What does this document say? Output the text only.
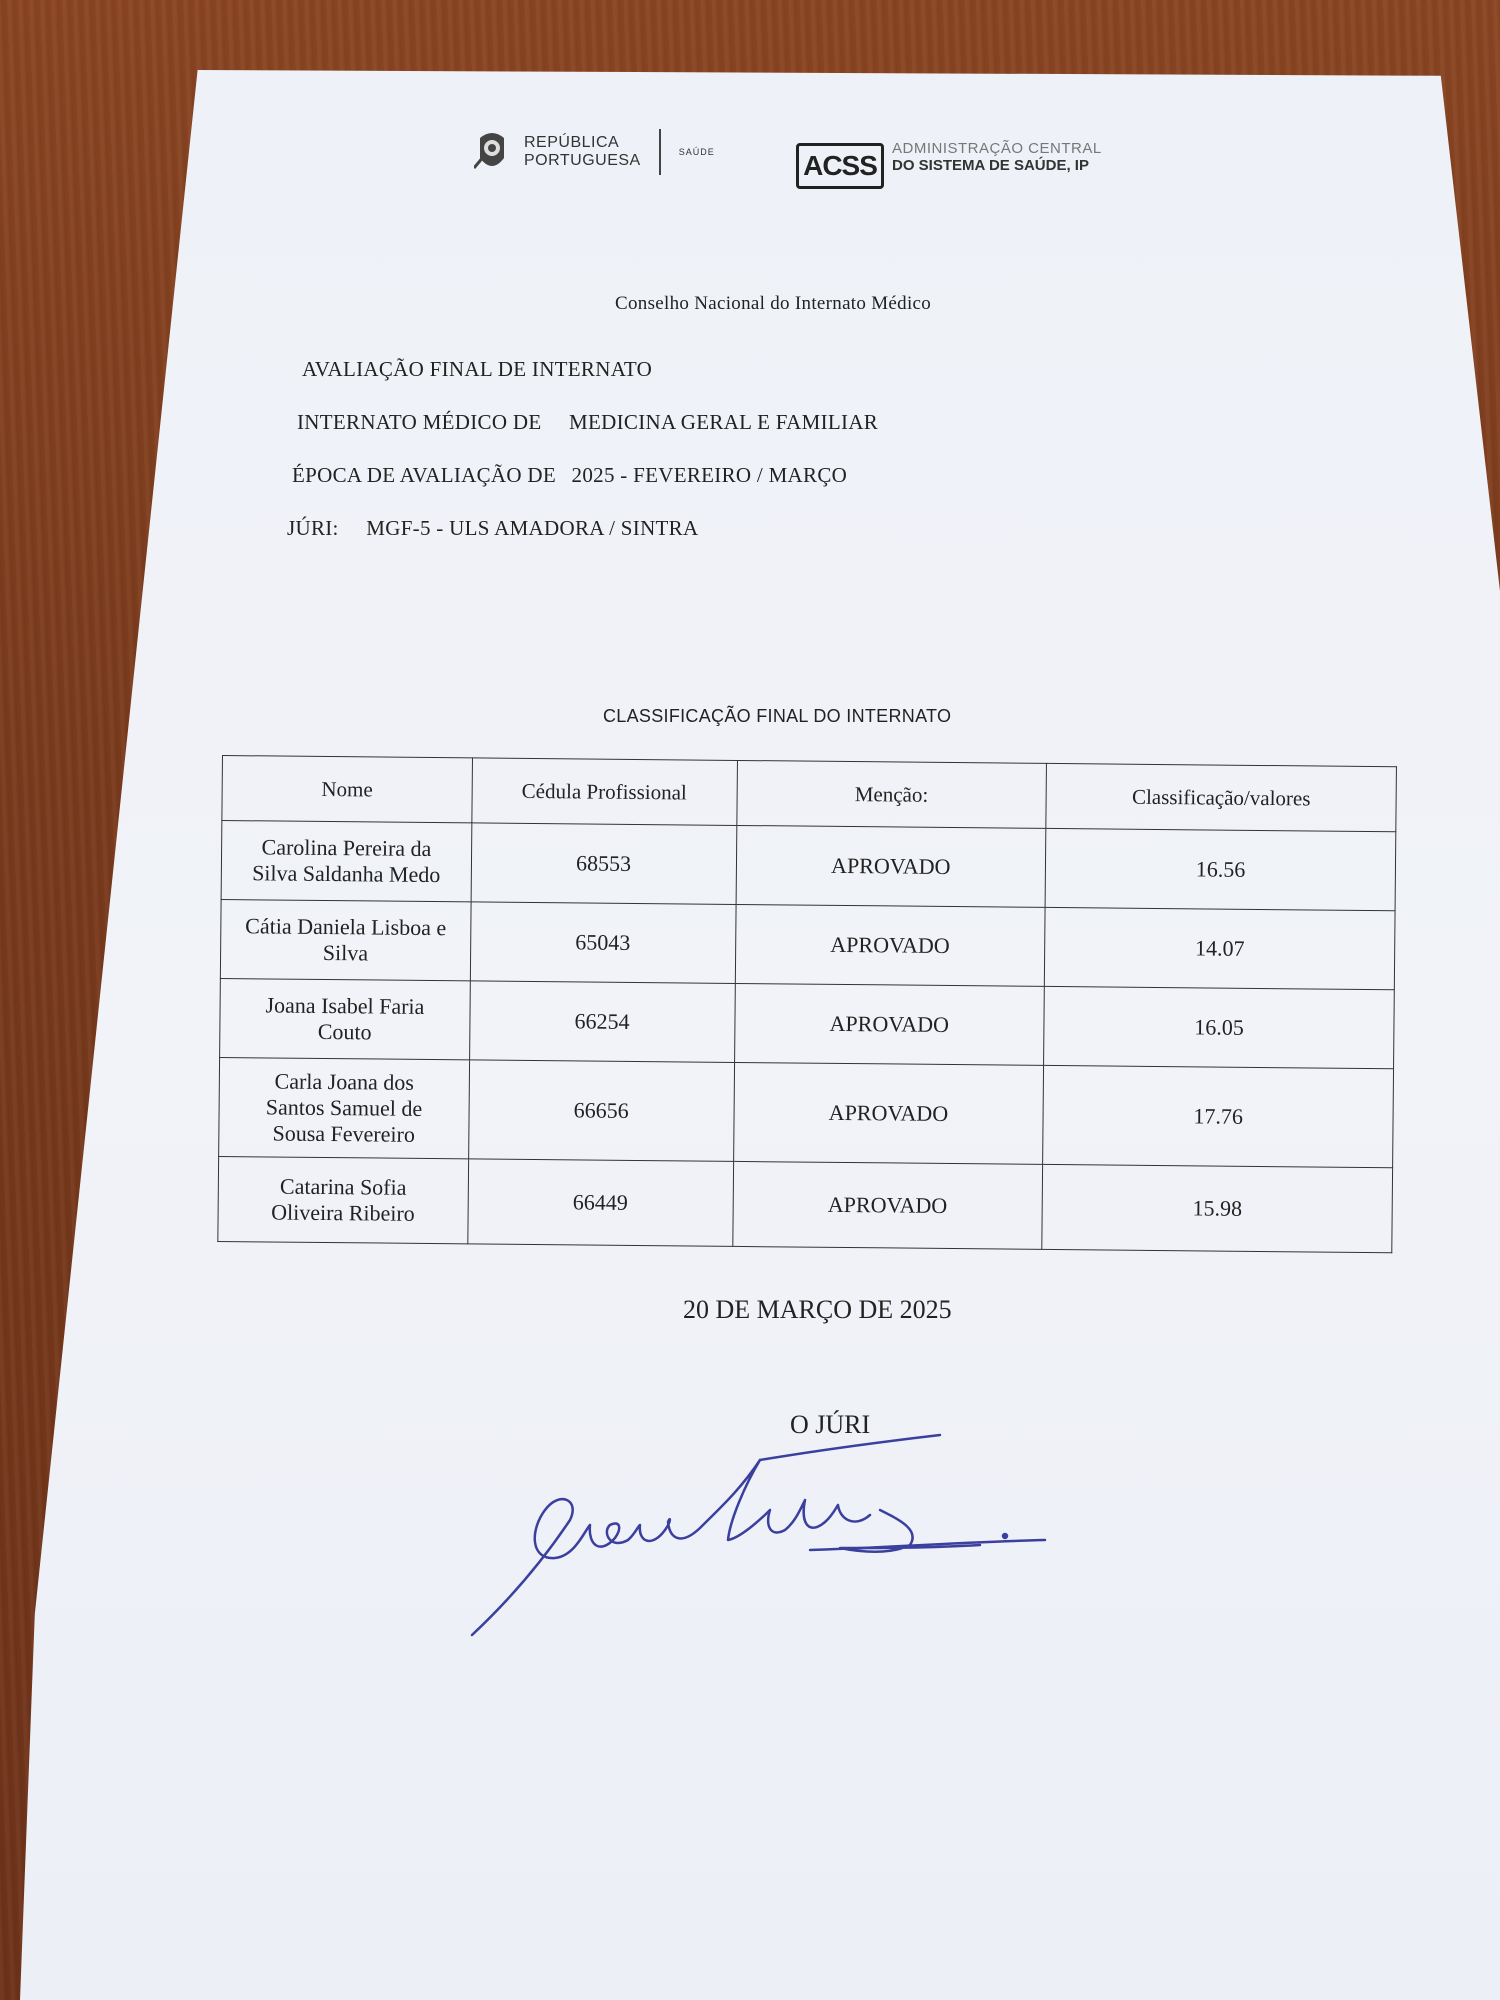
REPÚBLICA
PORTUGUESA	SAÚDE	ACSS
ADMINISTRAÇÃO CENTRAL
DO SISTEMA DE SAÚDE, IP
Conselho Nacional do Internato Médico
AVALIAÇÃO FINAL DE INTERNATO
INTERNATO MÉDICO DE MEDICINA GERAL E FAMILIAR
ÉPOCA DE AVALIAÇÃO DE 2025 - FEVEREIRO / MARÇO
JÚRI: MGF-5 - ULS AMADORA / SINTRA
CLASSIFICAÇÃO FINAL DO INTERNATO
Nome	Cédula Profissional	Menção:	Classificação/valores

Carolina Pereira da
Silva Saldanha Medo	68553	APROVADO	16.56

Cátia Daniela Lisboa e
Silva	65043	APROVADO	14.07

Joana Isabel Faria
Couto	66254	APROVADO	16.05

Carla Joana dos
Santos Samuel de
Sousa Fevereiro	66656	APROVADO	17.76

Catarina Sofia
Oliveira Ribeiro	66449	APROVADO	15.98
20 DE MARÇO DE 2025
O JÚRI
